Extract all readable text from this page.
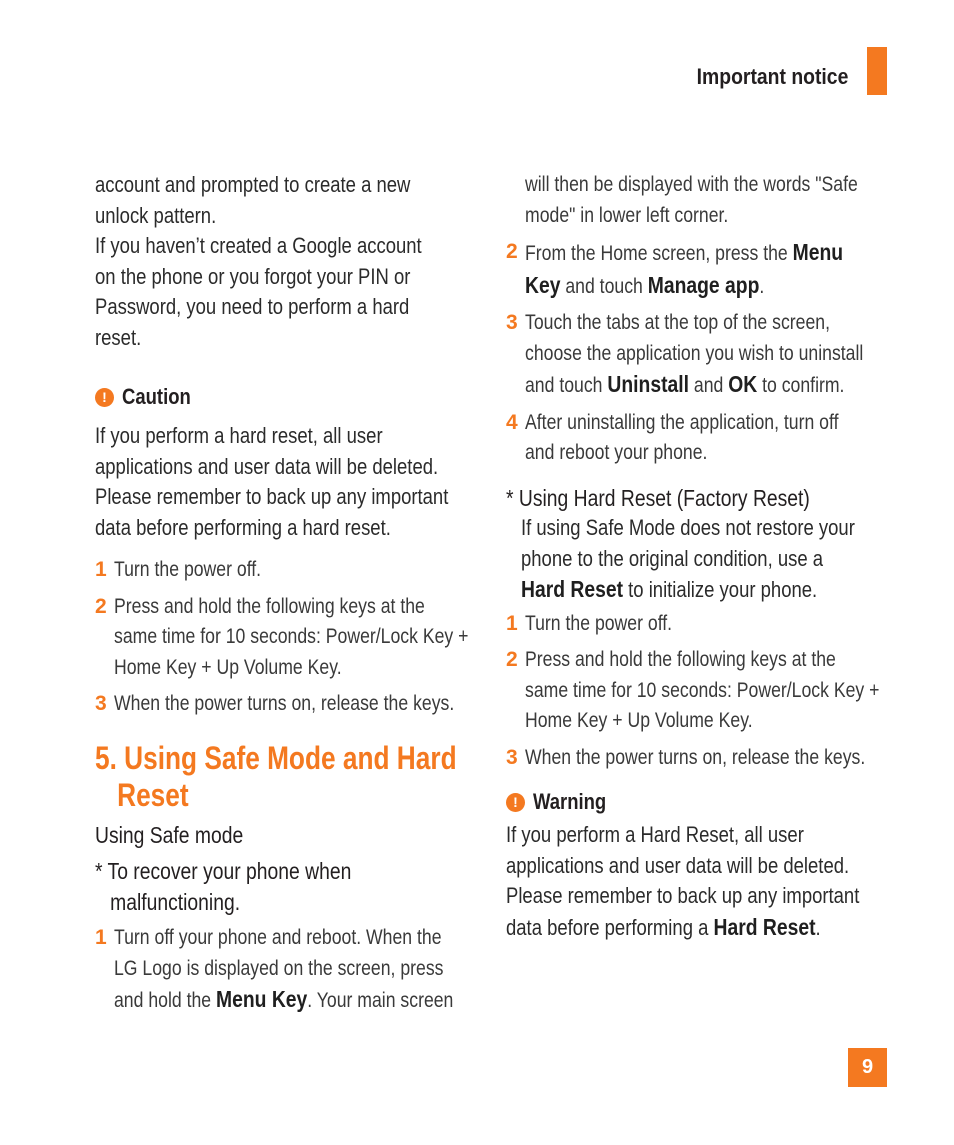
Important notice
account and prompted to create a new
unlock pattern.
If you haven’t created a Google account
on the phone or you forgot your PIN or
Password, you need to perform a hard
reset.
! Caution
If you perform a hard reset, all user
applications and user data will be deleted.
Please remember to back up any important
data before performing a hard reset.
1 Turn the power off.
2 Press and hold the following keys at the
same time for 10 seconds: Power/Lock Key +
Home Key + Up Volume Key.
3 When the power turns on, release the keys.
5. Using Safe Mode and Hard
Reset
Using Safe mode
* To recover your phone when
malfunctioning.
1 Turn off your phone and reboot. When the
LG Logo is displayed on the screen, press
and hold the Menu Key. Your main screen
will then be displayed with the words "Safe
mode" in lower left corner.
2 From the Home screen, press the Menu
Key and touch Manage app.
3 Touch the tabs at the top of the screen,
choose the application you wish to uninstall
and touch Uninstall and OK to confirm.
4 After uninstalling the application, turn off
and reboot your phone.
* Using Hard Reset (Factory Reset)
If using Safe Mode does not restore your
phone to the original condition, use a
Hard Reset to initialize your phone.
1 Turn the power off.
2 Press and hold the following keys at the
same time for 10 seconds: Power/Lock Key +
Home Key + Up Volume Key.
3 When the power turns on, release the keys.
! Warning
If you perform a Hard Reset, all user
applications and user data will be deleted.
Please remember to back up any important
data before performing a Hard Reset.
9
